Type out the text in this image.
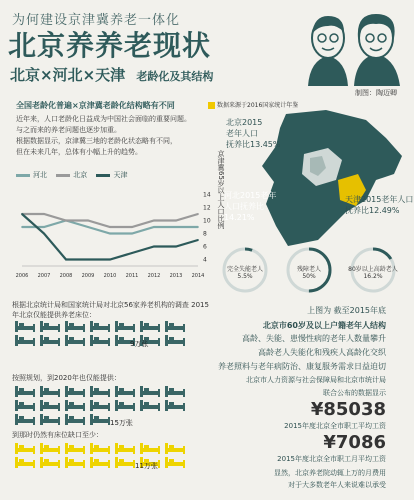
为何建设京津冀养老一体化
北京养养老现状
北京×河北×天津 老龄化及其结构
制图：陶迈卿
全国老龄化普遍×京津冀老龄化结构略有不同
近年来，人口老龄化日益成为中国社会面临的重要问题。
与之而来的养老问题也逐步加重。
根据数据显示，京津冀三地的老龄化状态略有不同，
但在未来几年，总体有小幅上升的趋势。
河北
	北京
	天津
4
6
8
10
12
14
2006 2007 2008 2009 2010 2011 2012 2013 2014
京津冀65岁以上人口比例
数据来源于2016国家统计年鉴
北京2015
老年人口
抚养比13.45%
天津2015老年人口
抚养比12.49%
河北2015老年
人口抚养比
14.21%
完全失能老人
5.5%
残障老人
50%
80岁以上高龄老人
16.2%
根据北京统计局和国家统计局对北京56家养老机构的调查 2015年北京仅能提供养老床位：
9万张
按照规划，到2020年也仅能提供：
15万张
到那时仍然有床位缺口至少：
11万张
上图为 截至2015年底
北京市60岁及以上户籍老年人结构
高龄、失能、患慢性病的老年人数量攀升
高龄老人失能化和残疾人高龄化交织
养老照料与老年病防治、康复服务需求日益迫切
北京市人力资源与社会保障局和北京市统计局
联合公布的数据显示
¥85038
2015年度北京全市职工平均工资
¥7086
2015年度北京全市职工月平均工资
显然，北京养老院动辄上万的月费用
对于大多数老年人来说难以承受
